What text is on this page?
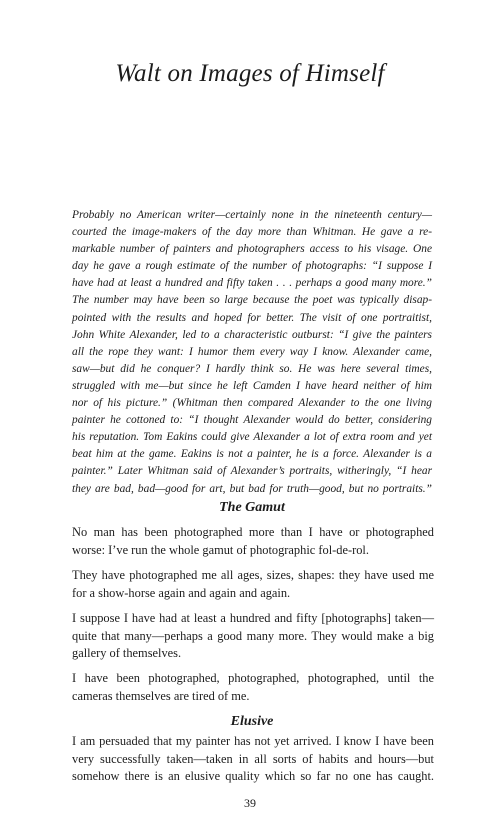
Walt on Images of Himself

Probably no American writer—certainly none in the nineteenth century—
courted the image-makers of the day more than Whitman. He gave a re-
markable number of painters and photographers access to his visage. One
day he gave a rough estimate of the number of photographs: “I suppose I
have had at least a hundred and fifty taken . . . perhaps a good many more.”
The number may have been so large because the poet was typically disap-
pointed with the results and hoped for better. The visit of one portraitist,
John White Alexander, led to a characteristic outburst: “I give the painters
all the rope they want: I humor them every way I know. Alexander came,
saw—but did he conquer? I hardly think so. He was here several times,
struggled with me—but since he left Camden I have heard neither of him
nor of his picture.” (Whitman then compared Alexander to the one living
painter he cottoned to: “I thought Alexander would do better, considering
his reputation. Tom Eakins could give Alexander a lot of extra room and yet
beat him at the game. Eakins is not a painter, he is a force. Alexander is a
painter.” Later Whitman said of Alexander’s portraits, witheringly, “I hear
they are bad, bad—good for art, but bad for truth—good, but no portraits.”

The Gamut

No man has been photographed more than I have or photographed
worse: I’ve run the whole gamut of photographic fol-de-rol.

They have photographed me all ages, sizes, shapes: they have used me
for a show-horse again and again and again.

I suppose I have had at least a hundred and fifty [photographs] taken—
quite that many—perhaps a good many more. They would make a big
gallery of themselves.

I have been photographed, photographed, photographed, until the
cameras themselves are tired of me.

Elusive

I am persuaded that my painter has not yet arrived. I know I have been
very successfully taken—taken in all sorts of habits and hours—but
somehow there is an elusive quality which so far no one has caught.

39
